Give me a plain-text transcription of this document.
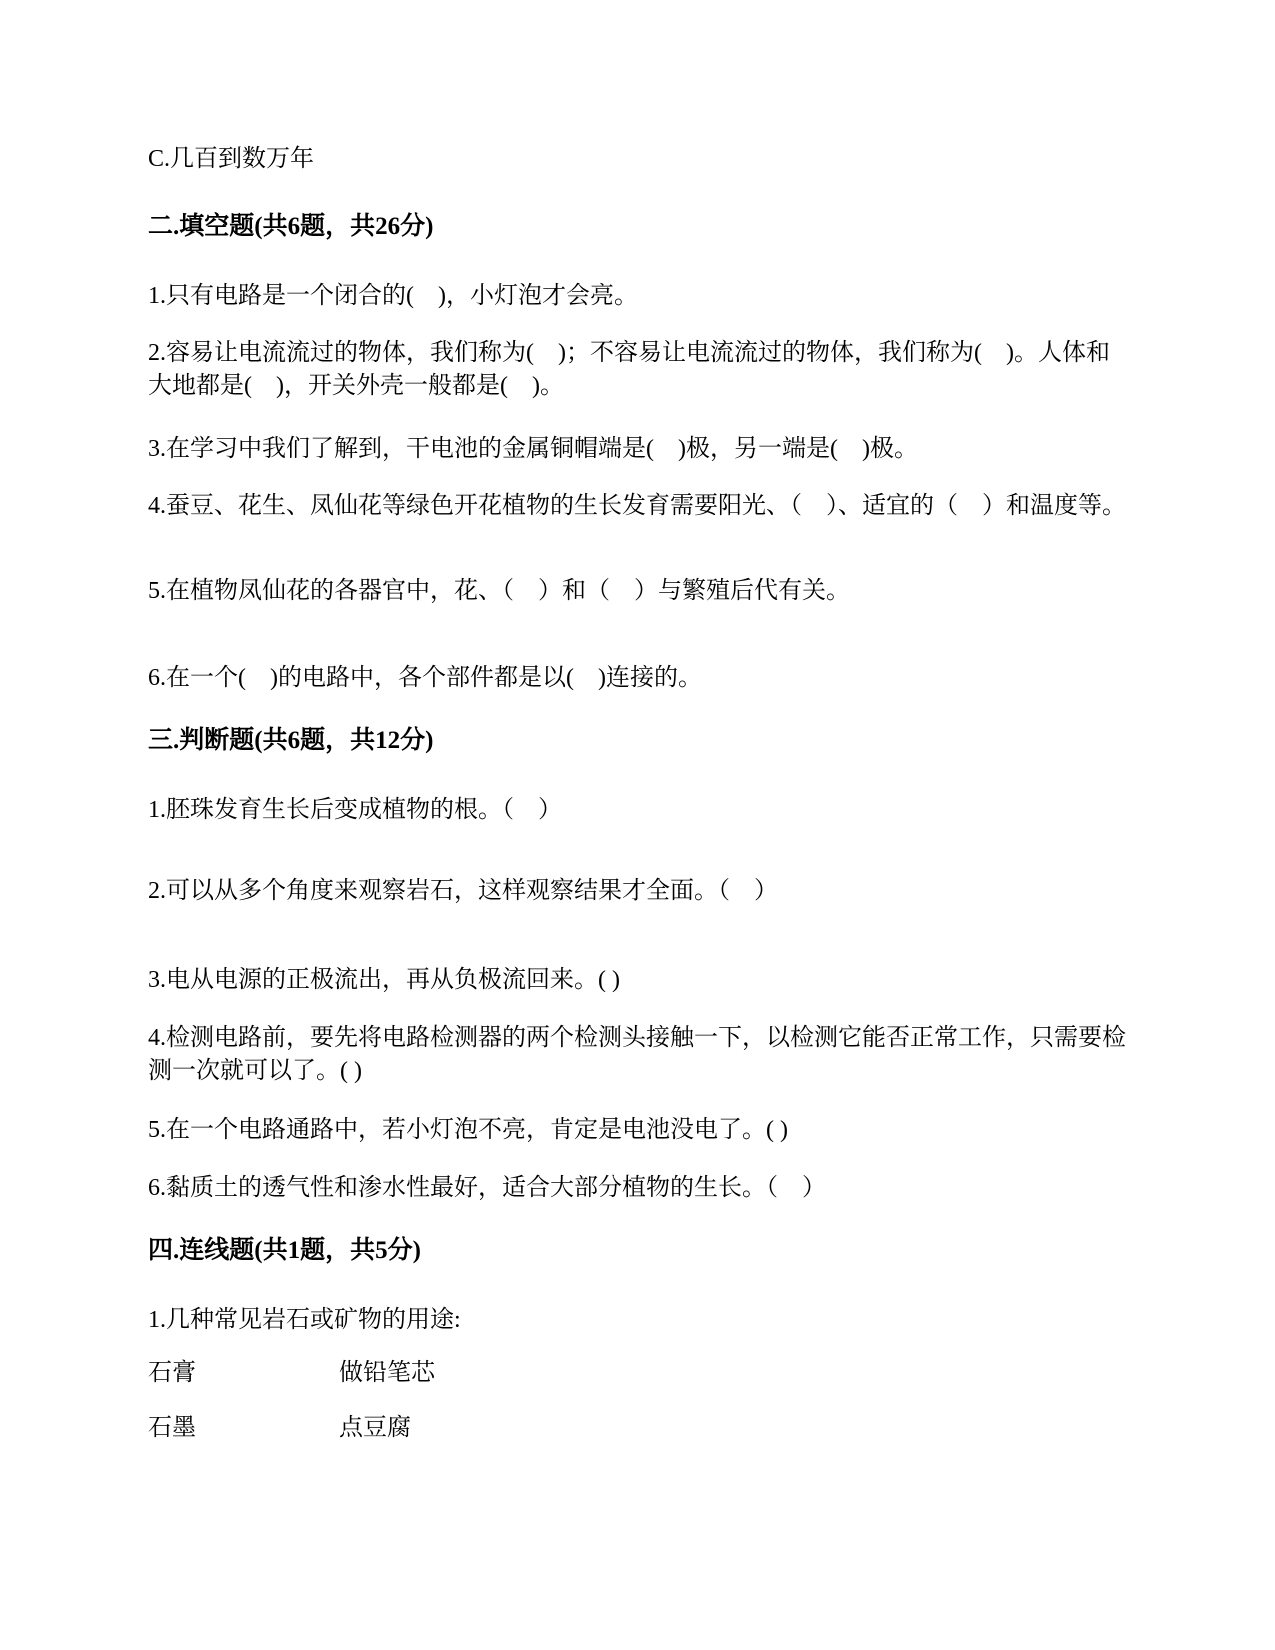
C.几百到数万年

二.填空题(共6题，共26分)

1.只有电路是一个闭合的(　)，小灯泡才会亮。

2.容易让电流流过的物体，我们称为(　)；不容易让电流流过的物体，我们称为(　)。人体和大地都是(　)，开关外壳一般都是(　)。

3.在学习中我们了解到，干电池的金属铜帽端是(　)极，另一端是(　)极。

4.蚕豆、花生、凤仙花等绿色开花植物的生长发育需要阳光、（　）、适宜的（　）和温度等。

5.在植物凤仙花的各器官中，花、（　）和（　）与繁殖后代有关。

6.在一个(　)的电路中，各个部件都是以(　)连接的。

三.判断题(共6题，共12分)

1.胚珠发育生长后变成植物的根。（　）

2.可以从多个角度来观察岩石，这样观察结果才全面。（　）

3.电从电源的正极流出，再从负极流回来。( )

4.检测电路前，要先将电路检测器的两个检测头接触一下，以检测它能否正常工作，只需要检测一次就可以了。( )

5.在一个电路通路中，若小灯泡不亮，肯定是电池没电了。( )

6.黏质土的透气性和渗水性最好，适合大部分植物的生长。（　）

四.连线题(共1题，共5分)

1.几种常见岩石或矿物的用途:

石膏	做铅笔芯

石墨	点豆腐
